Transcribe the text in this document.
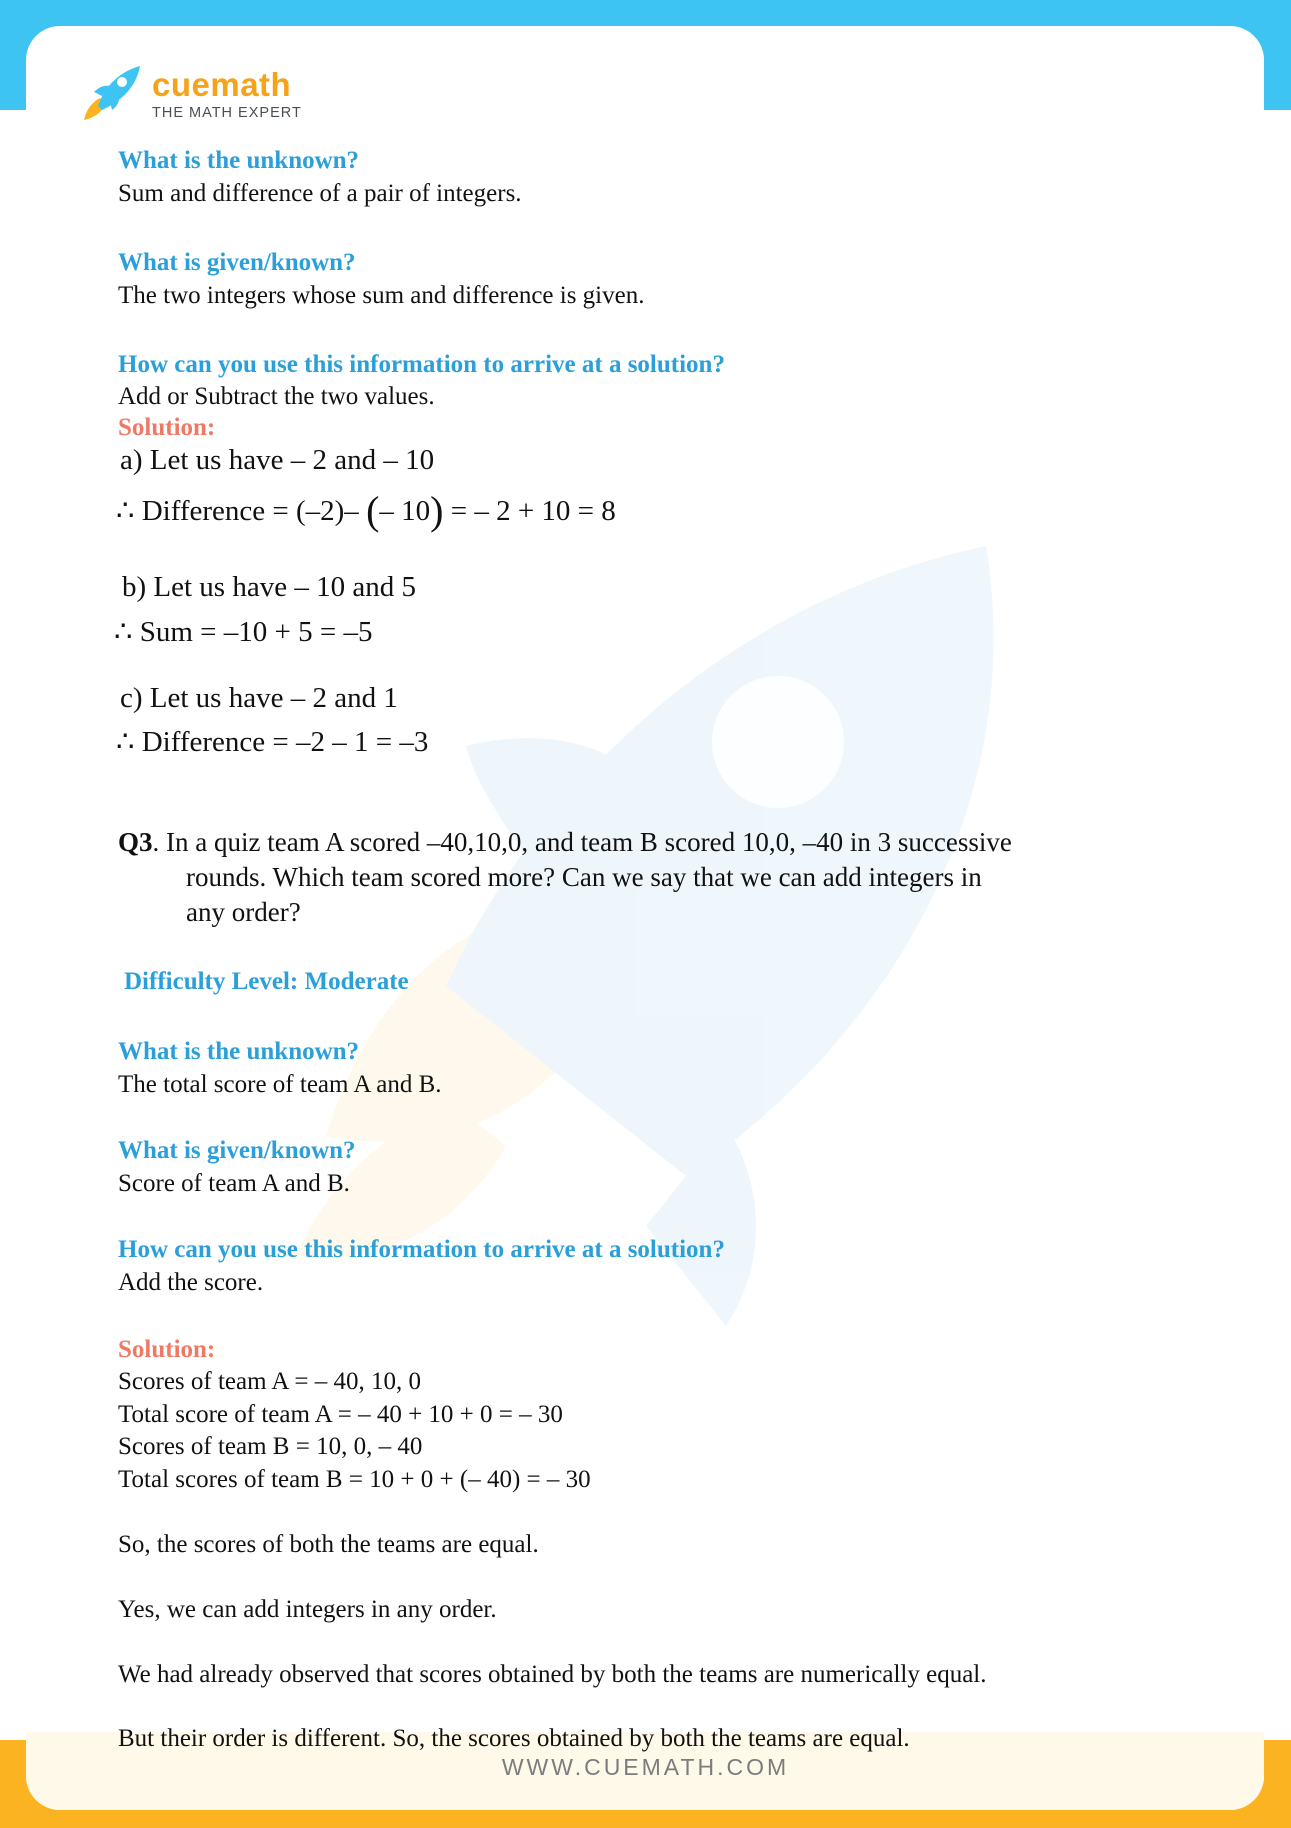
cuemath
THE MATH EXPERT
What is the unknown?
Sum and difference of a pair of integers.
What is given/known?
The two integers whose sum and difference is given.
How can you use this information to arrive at a solution?
Add or Subtract the two values.
Solution:
a) Let us have – 2 and – 10
∴ Difference = (–2)– (– 10) = – 2 + 10 = 8
b) Let us have – 10 and 5
∴ Sum = –10 + 5 = –5
c) Let us have – 2 and 1
∴ Difference = –2 – 1 = –3
Q3. In a quiz team A scored –40,10,0, and team B scored 10,0, –40 in 3 successive
rounds. Which team scored more? Can we say that we can add integers in
any order?
Difficulty Level: Moderate
What is the unknown?
The total score of team A and B.
What is given/known?
Score of team A and B.
How can you use this information to arrive at a solution?
Add the score.
Solution:
Scores of team A = – 40, 10, 0
Total score of team A = – 40 + 10 + 0 = – 30
Scores of team B = 10, 0, – 40
Total scores of team B = 10 + 0 + (– 40) = – 30
So, the scores of both the teams are equal.
Yes, we can add integers in any order.
We had already observed that scores obtained by both the teams are numerically equal.
But their order is different. So, the scores obtained by both the teams are equal.
WWW.CUEMATH.COM
